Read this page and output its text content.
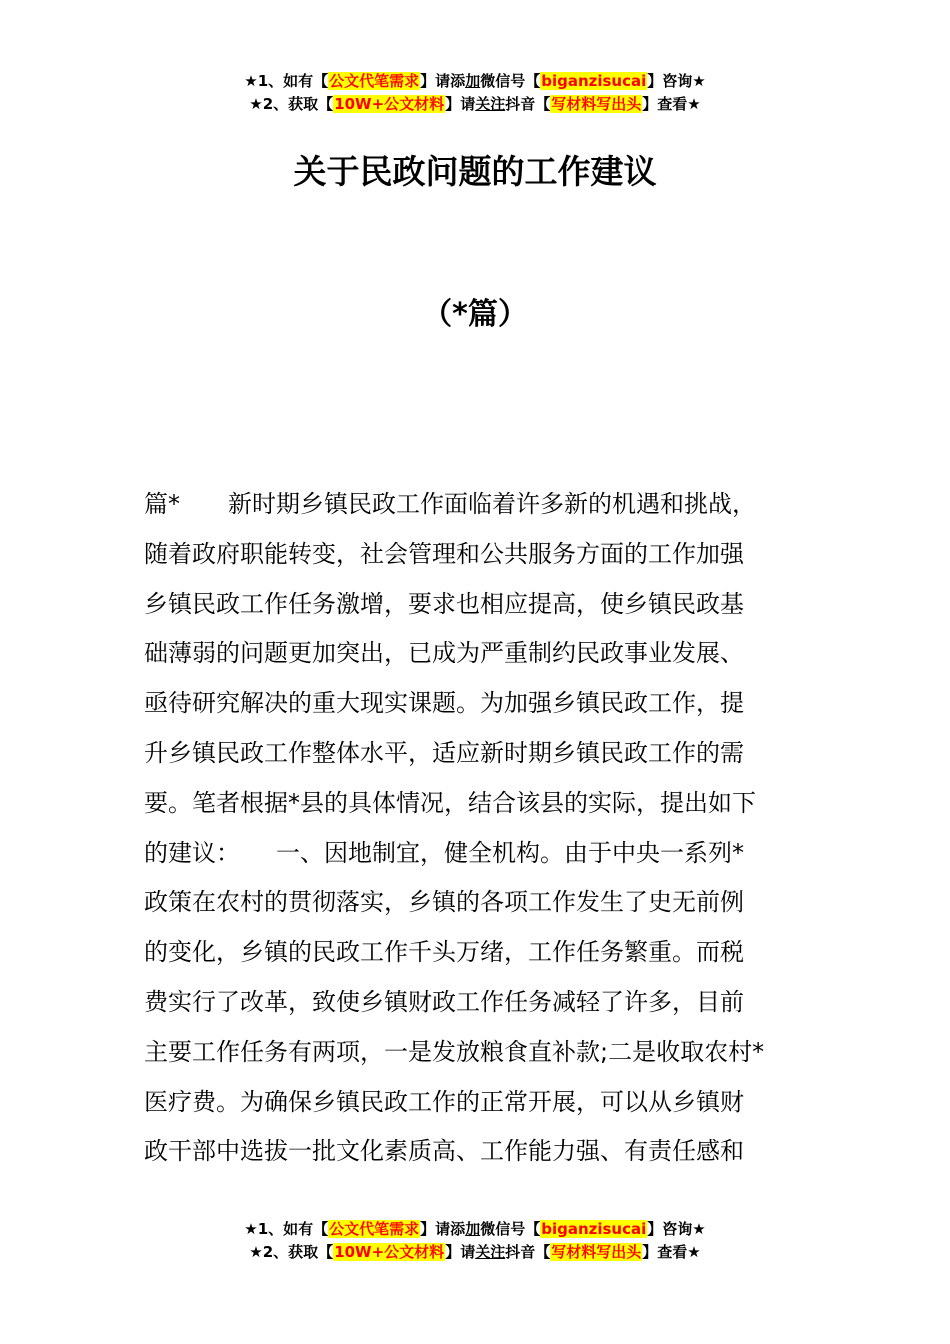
★1、如有【公文代笔需求】请添加微信号【biganzisucai】咨询★
★2、获取【10W+公文材料】请关注抖音【写材料写出头】查看★
关于民政问题的工作建议
（*篇）
篇*　　新时期乡镇民政工作面临着许多新的机遇和挑战，
随着政府职能转变，社会管理和公共服务方面的工作加强
乡镇民政工作任务激增，要求也相应提高，使乡镇民政基
础薄弱的问题更加突出，已成为严重制约民政事业发展、
亟待研究解决的重大现实课题。为加强乡镇民政工作，提
升乡镇民政工作整体水平，适应新时期乡镇民政工作的需
要。笔者根据*县的具体情况，结合该县的实际，提出如下
的建议：　　一、因地制宜，健全机构。由于中央一系列*
政策在农村的贯彻落实，乡镇的各项工作发生了史无前例
的变化，乡镇的民政工作千头万绪，工作任务繁重。而税
费实行了改革，致使乡镇财政工作任务减轻了许多，目前
主要工作任务有两项，一是发放粮食直补款;二是收取农村*
医疗费。为确保乡镇民政工作的正常开展，可以从乡镇财
政干部中选拔一批文化素质高、工作能力强、有责任感和
★1、如有【公文代笔需求】请添加微信号【biganzisucai】咨询★
★2、获取【10W+公文材料】请关注抖音【写材料写出头】查看★
